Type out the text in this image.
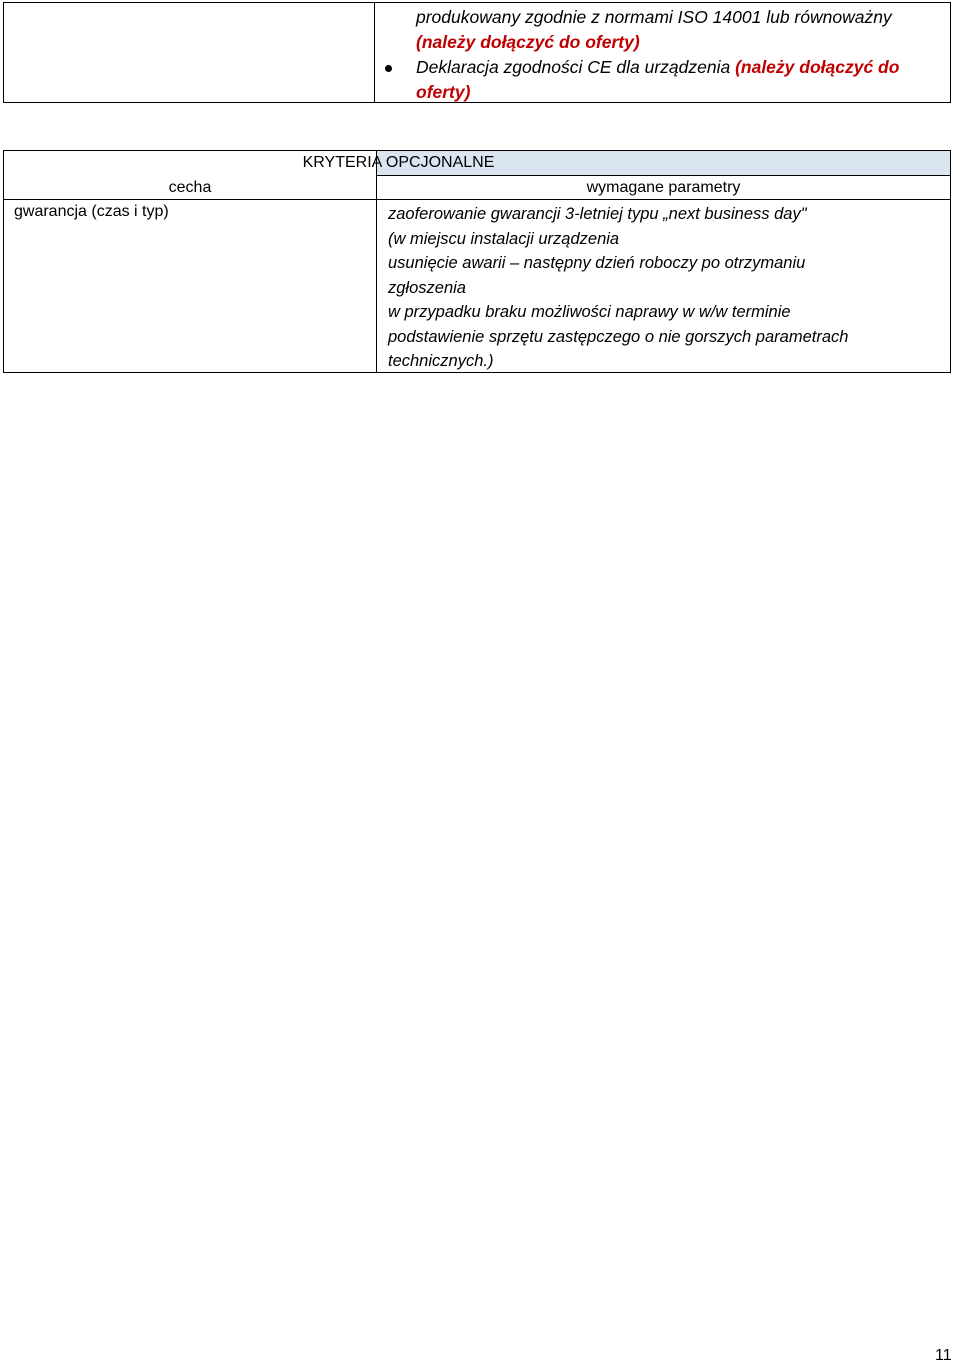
produkowany zgodnie z normami ISO 14001 lub równoważny
(należy dołączyć do oferty)
Deklaracja zgodności CE dla urządzenia (należy dołączyć do
oferty)
KRYTERIA OPCJONALNE
cecha	wymagane parametry
gwarancja (czas i typ)	zaoferowanie gwarancji 3-letniej typu „next business day"
(w miejscu instalacji urządzenia
usunięcie awarii – następny dzień roboczy po otrzymaniu
zgłoszenia
w przypadku braku możliwości naprawy w w/w terminie
podstawienie sprzętu zastępczego o nie gorszych parametrach
technicznych.)
11
